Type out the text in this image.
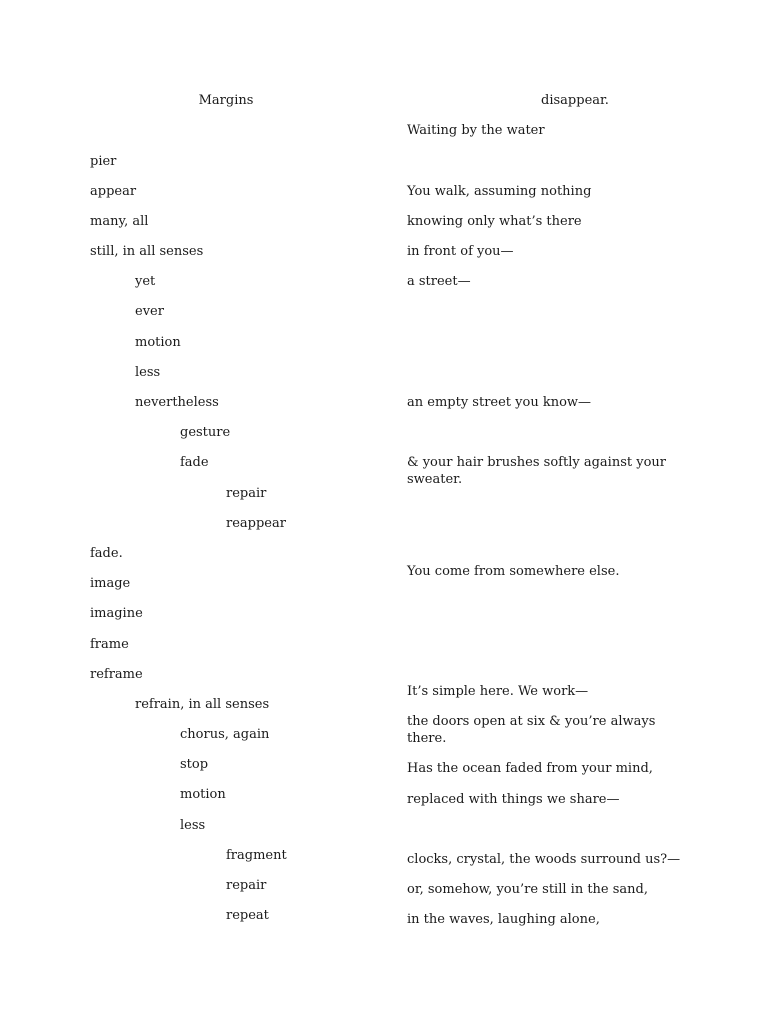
Margins
pier
appear
many, all
still, in all senses
yet
ever
motion
less
nevertheless
gesture
fade
repair
reappear
fade.
image
imagine
frame
reframe
refrain, in all senses
chorus, again
stop
motion
less
fragment
repair
repeat
disappear.
Waiting by the water
You walk, assuming nothing
knowing only what’s there
in front of you—
a street—
an empty street you know—
& your hair brushes softly against your sweater.
You come from somewhere else.
It’s simple here. We work—
the doors open at six & you’re always there.
Has the ocean faded from your mind,
replaced with things we share—
clocks, crystal, the woods surround us?—
or, somehow, you’re still in the sand,
in the waves, laughing alone,
